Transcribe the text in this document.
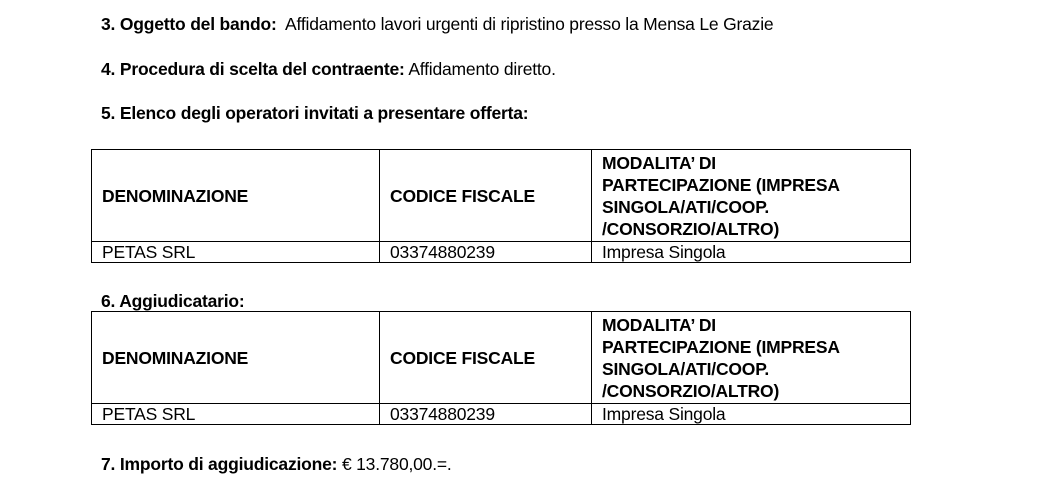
3. Oggetto del bando:  Affidamento lavori urgenti di ripristino presso la Mensa Le Grazie
4. Procedura di scelta del contraente: Affidamento diretto.
5. Elenco degli operatori invitati a presentare offerta:
DENOMINAZIONE	CODICE FISCALE	MODALITA’ DI
PARTECIPAZIONE (IMPRESA
SINGOLA/ATI/COOP.
/CONSORZIO/ALTRO)

PETAS SRL	03374880239	Impresa Singola
6. Aggiudicatario:
DENOMINAZIONE	CODICE FISCALE	MODALITA’ DI
PARTECIPAZIONE (IMPRESA
SINGOLA/ATI/COOP.
/CONSORZIO/ALTRO)

PETAS SRL	03374880239	Impresa Singola
7. Importo di aggiudicazione: € 13.780,00.=.
